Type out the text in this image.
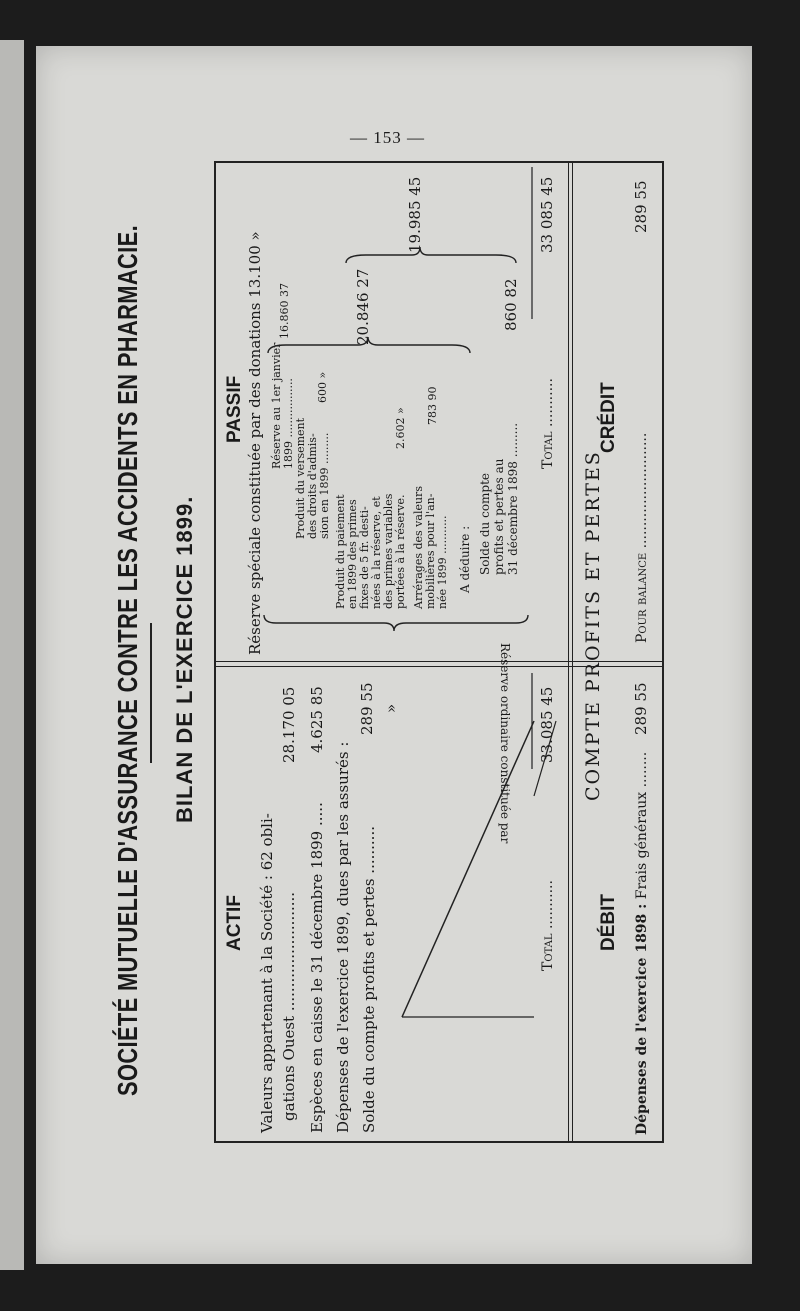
— 153 —
SOCIÉTÉ MUTUELLE D'ASSURANCE CONTRE LES ACCIDENTS EN PHARMACIE. BILAN DE L'EXERCICE 1899.
ACTIF Valeurs appartenant à la Société : 62 obli- gations Ouest .........................
28.170 05
Espèces en caisse le 31 décembre 1899 .....
4.625 85
Dépenses de l'exercice 1899, dues par les assurés :
289 55
Solde du compte profits et pertes ..........
»
Total ...........
33.085 45
PASSIF Réserve spéciale constituée par des donations 13.100 »
Réserve ordinaire constituée par
Réserve au 1er janvier 1899 .................
16.860 37
Produit du versement des droits d'admis- sion en 1899 .........
600 »
Produit du paiement en 1899 des primes fixes de 5 fr. desti- nées à la réserve, et des primes variables portées à la réserve.
2.602 »
Arrérages des valeurs mobilières pour l'an- née 1899 ...........
783 90
20.846 27
A déduire : Solde du compte profits et pertes au 31 décembre 1898 .........
860 82
19.985 45
Total ...........
33 085 45
COMPTE PROFITS ET PERTES
DÉBIT
CRÉDIT
Dépenses de l'exercice 1898 : Frais généraux ........
289 55
Pour balance ..........................
289 55
